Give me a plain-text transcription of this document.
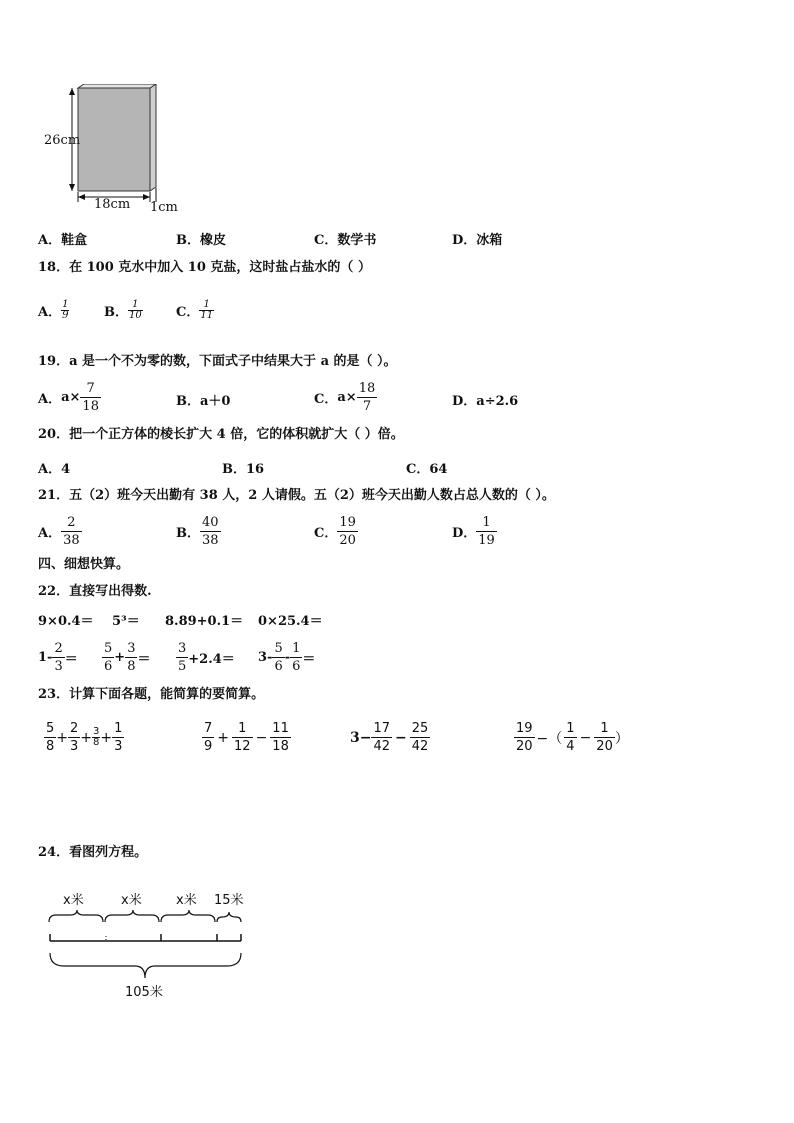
26cm
18cm 1cm
A．鞋盒	B．橡皮	C．数学书	D．冰箱
18．在 100 克水中加入 10 克盐，这时盐占盐水的（ ）
A． $\frac{1}{9}$	B． $\frac{1}{10}$	C． $\frac{1}{11}$
19．a 是一个不为零的数，下面式子中结果大于 a 的是（ ）。
A． $a\times \frac{7}{18}$	B．a＋0	C． $a\times \frac{18}{7}$	D．a÷2.6
20．把一个正方体的棱长扩大 4 倍，它的体积就扩大（ ）倍。
A．4	B．16	C．64
21．五（2）班今天出勤有 38 人，2 人请假。五（2）班今天出勤人数占总人数的（ ）。
A． $\frac{2}{38}$	B． $\frac{40}{38}$	C． $\frac{19}{20}$	D． $\frac{1}{19}$
四、细想快算。
22．直接写出得数.
9×0.4＝ 5³＝ 8.89+0.1＝ 0×25.4＝
$1- \frac{2}{3} = \frac{5}{6} + \frac{3}{8} = \frac{3}{5} +2.4= 3- \frac{5}{6} - \frac{1}{6}$ ＝
23．计算下面各题，能简算的要简算。
$\frac{5}{8} + \frac{2}{3} + \frac{3}{8} + \frac{1}{3}$	$\frac{7}{9} + \frac{1}{12} - \frac{11}{18}$	$3- \frac{17}{42} - \frac{25}{42}$	$\frac{19}{20}$ −（ $\frac{1}{4} - \frac{1}{20}$ ）
24．看图列方程。
x米	x米	x米 15米
105米
